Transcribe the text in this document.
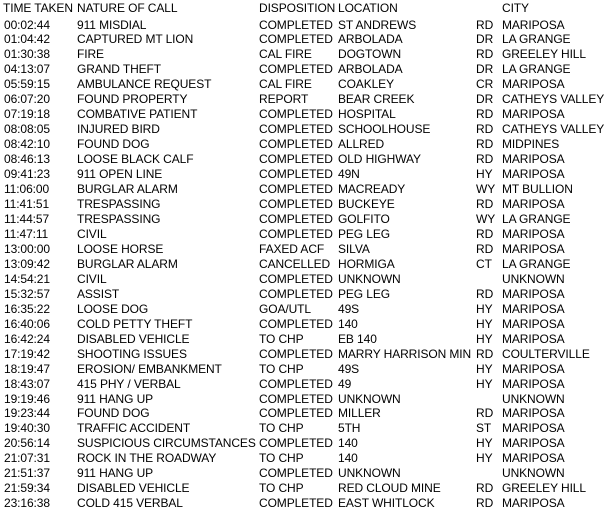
TIME TAKEN NATURE OF CALL	DISPOSITION LOCATION	CITY
00:02:44 911 MISDIAL	COMPLETED ST ANDREWS	RD MARIPOSA
01:04:42 CAPTURED MT LION	COMPLETED ARBOLADA	DR LA GRANGE
01:30:38 FIRE	CAL FIRE DOGTOWN	RD GREELEY HILL
04:13:07 GRAND THEFT	COMPLETED ARBOLADA	DR LA GRANGE
05:59:15 AMBULANCE REQUEST	CAL FIRE COAKLEY	CR MARIPOSA
06:07:20 FOUND PROPERTY	REPORT BEAR CREEK	DR CATHEYS VALLEY
07:19:18 COMBATIVE PATIENT	COMPLETED HOSPITAL	RD MARIPOSA
08:08:05 INJURED BIRD	COMPLETED SCHOOLHOUSE	RD CATHEYS VALLEY
08:42:10 FOUND DOG	COMPLETED ALLRED	RD MIDPINES
08:46:13 LOOSE BLACK CALF	COMPLETED OLD HIGHWAY	RD MARIPOSA
09:41:23 911 OPEN LINE	COMPLETED 49N	HY MARIPOSA
11:06:00 BURGLAR ALARM	COMPLETED MACREADY	WY MT BULLION
11:41:51 TRESPASSING	COMPLETED BUCKEYE	RD MARIPOSA
11:44:57 TRESPASSING	COMPLETED GOLFITO	WY LA GRANGE
11:47:11 CIVIL	COMPLETED PEG LEG	RD MARIPOSA
13:00:00 LOOSE HORSE	FAXED ACF SILVA	RD MARIPOSA
13:09:42 BURGLAR ALARM	CANCELLED HORMIGA	CT LA GRANGE
14:54:21 CIVIL	COMPLETED UNKNOWN	UNKNOWN
15:32:57 ASSIST	COMPLETED PEG LEG	RD MARIPOSA
16:35:22 LOOSE DOG	GOA/UTL 49S	HY MARIPOSA
16:40:06 COLD PETTY THEFT	COMPLETED 140	HY MARIPOSA
16:42:24 DISABLED VEHICLE	TO CHP	EB 140	HY MARIPOSA
17:19:42 SHOOTING ISSUES	COMPLETED MARRY HARRISON MIN RD COULTERVILLE
18:19:47 EROSION/ EMBANKMENT	TO CHP	49S	HY MARIPOSA
18:43:07 415 PHY / VERBAL	COMPLETED 49	HY MARIPOSA
19:19:46 911 HANG UP	COMPLETED UNKNOWN	UNKNOWN
19:23:44 FOUND DOG	COMPLETED MILLER	RD MARIPOSA
19:40:30 TRAFFIC ACCIDENT	TO CHP	5TH	ST MARIPOSA
20:56:14 SUSPICIOUS CIRCUMSTANCES COMPLETED 140	HY MARIPOSA
21:07:31 ROCK IN THE ROADWAY	TO CHP	140	HY MARIPOSA
21:51:37 911 HANG UP	COMPLETED UNKNOWN	UNKNOWN
21:59:34 DISABLED VEHICLE	TO CHP	RED CLOUD MINE	RD GREELEY HILL
23:16:38 COLD 415 VERBAL	COMPLETED EAST WHITLOCK	RD MARIPOSA
